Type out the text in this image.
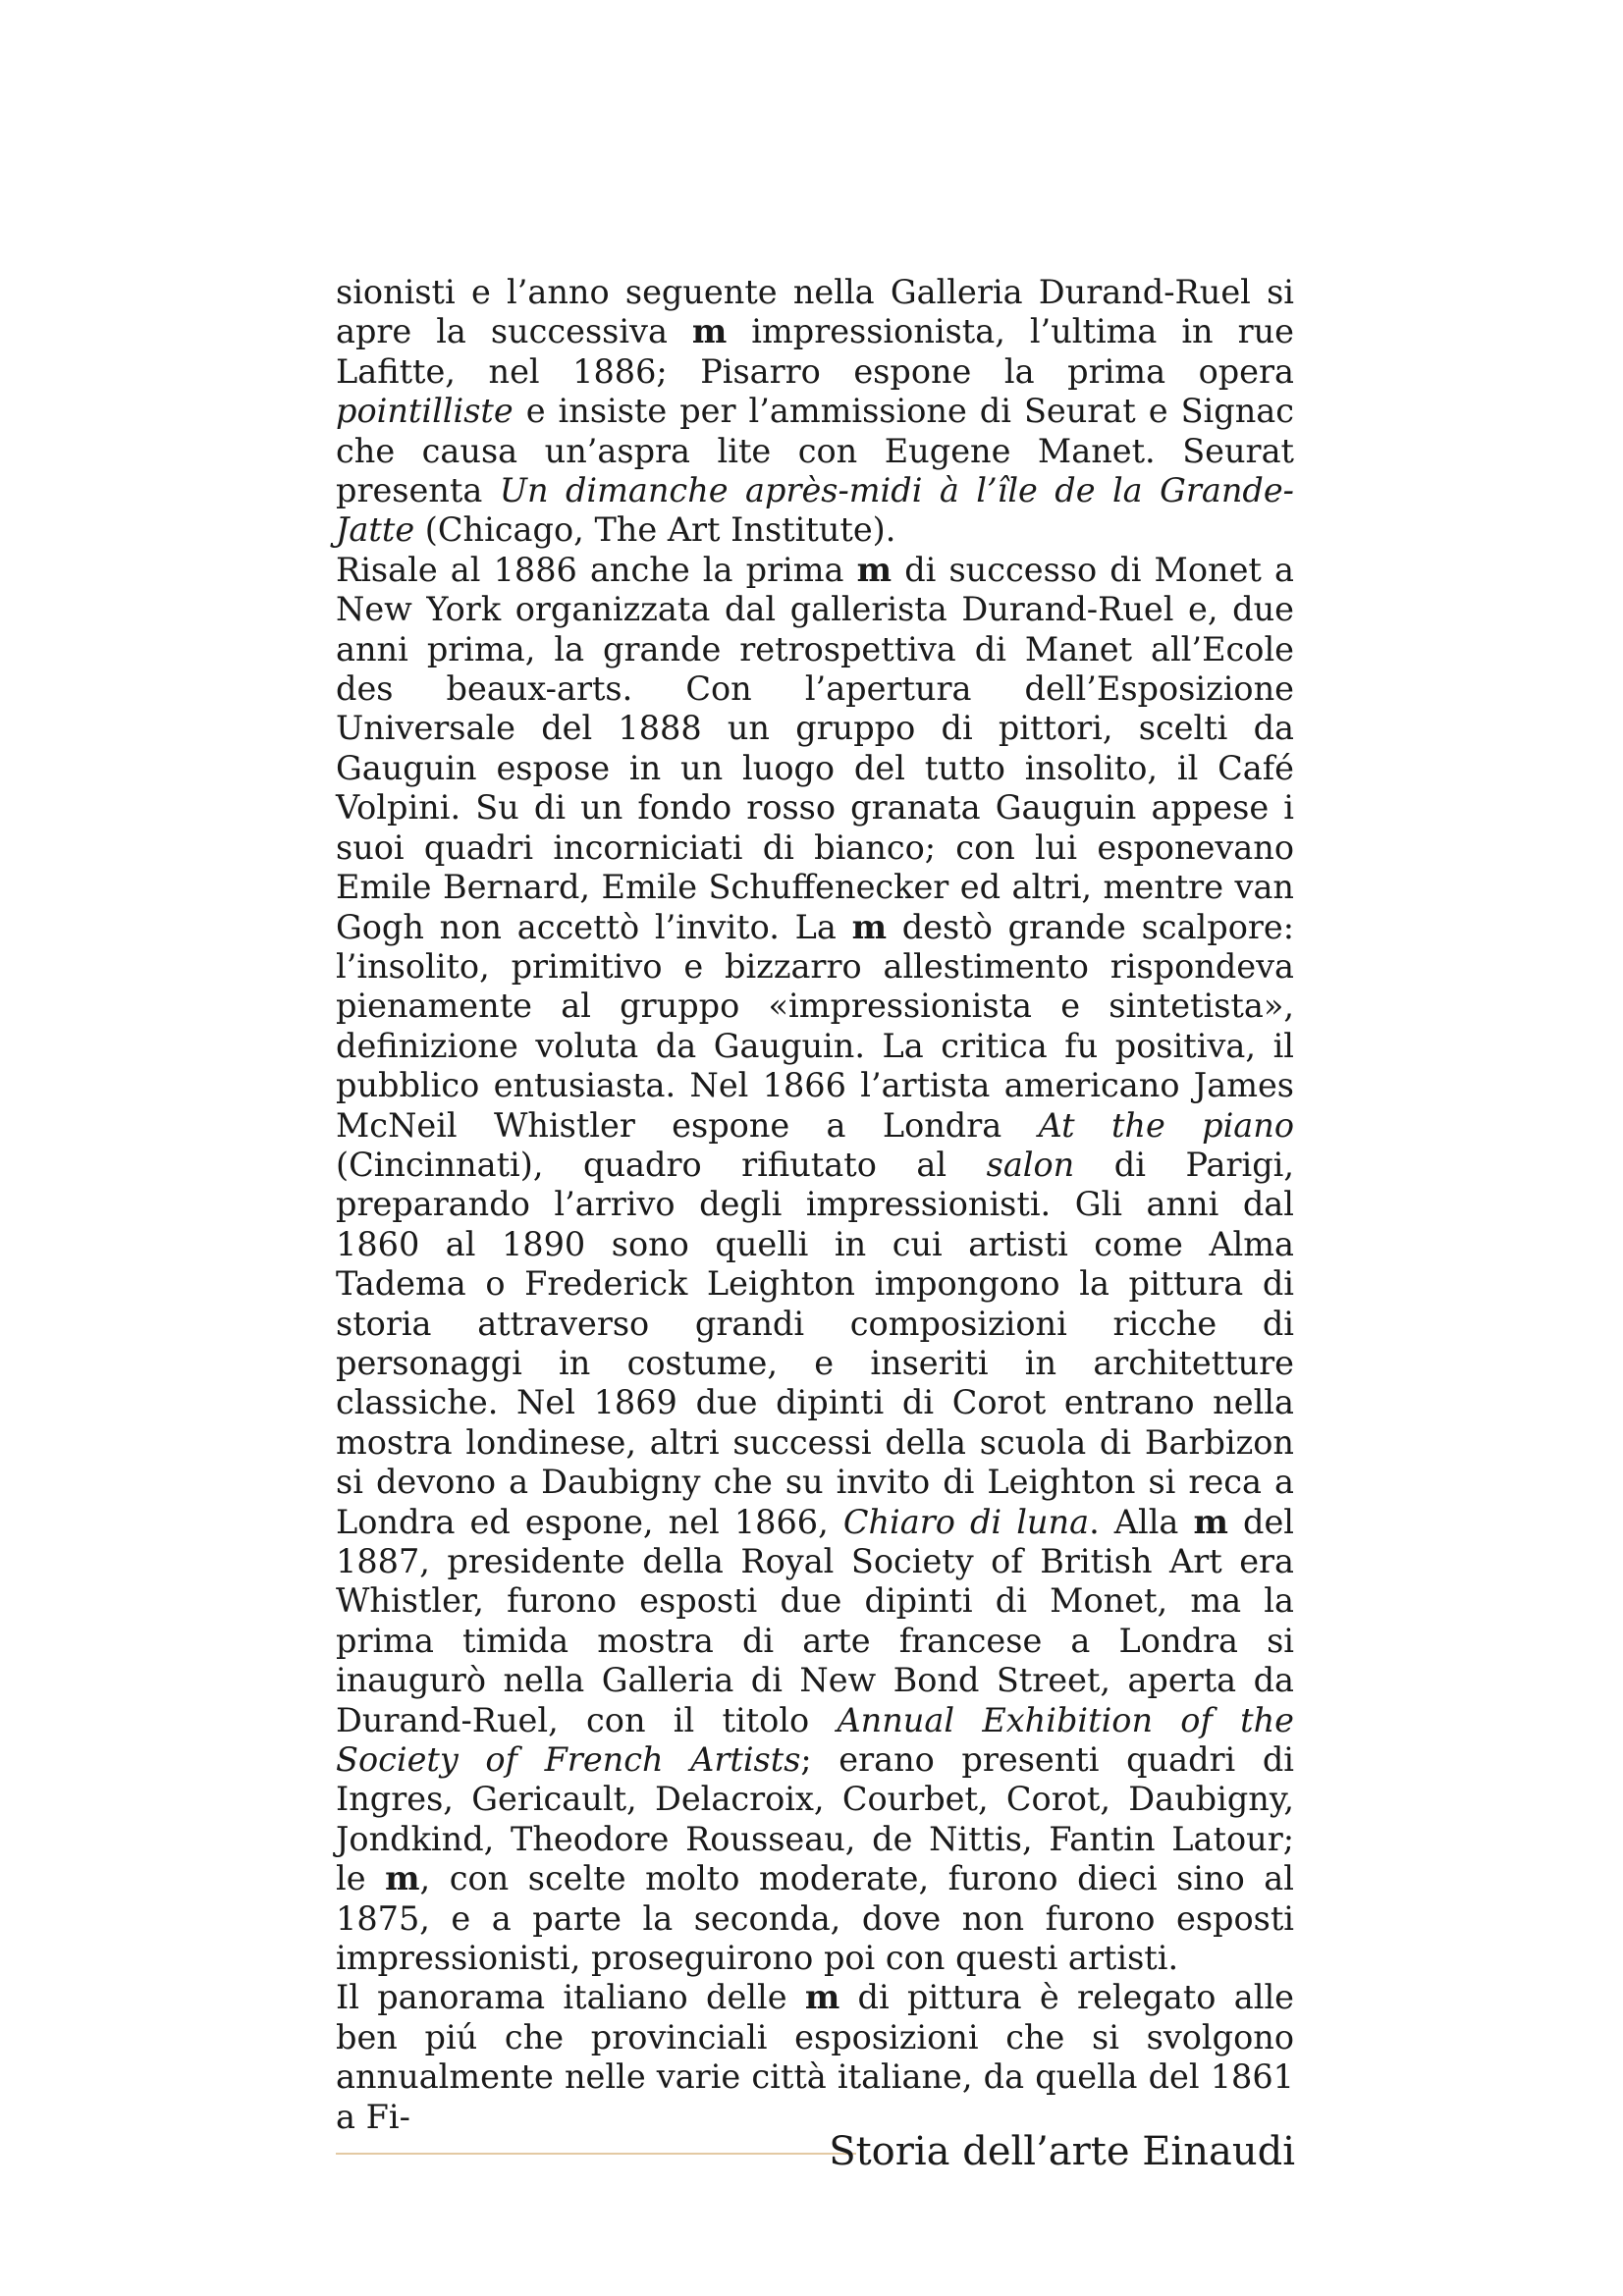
sionisti e l’anno seguente nella Galleria Durand-Ruel si apre la successiva m impressionista, l’ultima in rue Lafitte, nel 1886; Pisarro espone la prima opera pointilliste e insiste per l’ammissione di Seurat e Signac che causa un’aspra lite con Eugene Manet. Seurat presenta Un dimanche après-midi à l’île de la Grande-Jatte (Chicago, The Art Institute).

Risale al 1886 anche la prima m di successo di Monet a New York organizzata dal gallerista Durand-Ruel e, due anni prima, la grande retrospettiva di Manet all’Ecole des beaux-arts. Con l’apertura dell’Esposizione Universale del 1888 un gruppo di pittori, scelti da Gauguin espose in un luogo del tutto insolito, il Café Volpini. Su di un fondo rosso granata Gauguin appese i suoi quadri incorniciati di bianco; con lui esponevano Emile Bernard, Emile Schuffenecker ed altri, mentre van Gogh non accettò l’invito. La m destò grande scalpore: l’insolito, primitivo e bizzarro allestimento rispondeva pienamente al gruppo «impressionista e sintetista», definizione voluta da Gauguin. La critica fu positiva, il pubblico entusiasta. Nel 1866 l’artista americano James McNeil Whistler espone a Londra At the piano (Cincinnati), quadro rifiutato al salon di Parigi, preparando l’arrivo degli impressionisti. Gli anni dal 1860 al 1890 sono quelli in cui artisti come Alma Tadema o Frederick Leighton impongono la pittura di storia attraverso grandi composizioni ricche di personaggi in costume, e inseriti in architetture classiche. Nel 1869 due dipinti di Corot entrano nella mostra londinese, altri successi della scuola di Barbizon si devono a Daubigny che su invito di Leighton si reca a Londra ed espone, nel 1866, Chiaro di luna. Alla m del 1887, presidente della Royal Society of British Art era Whistler, furono esposti due dipinti di Monet, ma la prima timida mostra di arte francese a Londra si inaugurò nella Galleria di New Bond Street, aperta da Durand-Ruel, con il titolo Annual Exhibition of the Society of French Artists; erano presenti quadri di Ingres, Gericault, Delacroix, Courbet, Corot, Daubigny, Jondkind, Theodore Rousseau, de Nittis, Fantin Latour; le m, con scelte molto moderate, furono dieci sino al 1875, e a parte la seconda, dove non furono esposti impressionisti, proseguirono poi con questi artisti.

Il panorama italiano delle m di pittura è relegato alle ben piú che provinciali esposizioni che si svolgono annualmente nelle varie città italiane, da quella del 1861 a Fi-

Storia dell’arte Einaudi
